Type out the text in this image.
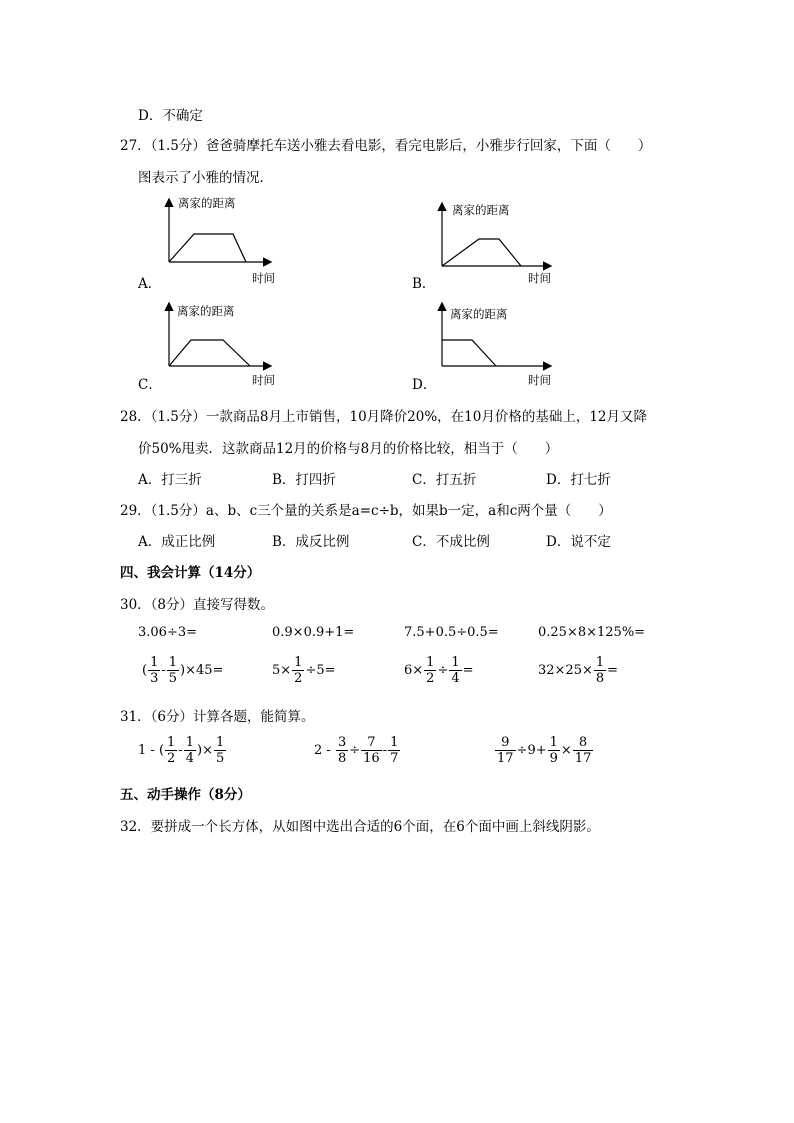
D．不确定
27．（1.5分）爸爸骑摩托车送小雅去看电影，看完电影后，小雅步行回家，下面（　　）
图表示了小雅的情况．
A．
离家的距离
时间	B．
离家的距离
时间
C．
离家的距离
时间	D．
离家的距离
时间
28．（1.5分）一款商品8月上市销售，10月降价20%，在10月价格的基础上，12月又降
价50%甩卖．这款商品12月的价格与8月的价格比较，相当于（　　）
A．打三折	B．打四折	C．打五折	D．打七折
29．（1.5分）a、b、c三个量的关系是a=c÷b，如果b一定，a和c两个量（　　）
A．成正比例	B．成反比例	C．不成比例	D．说不定
四、我会计算（14分）
30．（8分）直接写得数。
3.06÷3=	0.9×0.9+1=	7.5+0.5÷0.5=	0.25×8×125%=
( $\frac{1}{3} - \frac{1}{5} )\times 45=$	$5\times \frac{1}{2} \div 5=$	$6\times \frac{1}{2} \div \frac{1}{4}$ =	$32\times 25\times \frac{1}{8}$ =
31．（6分）计算各题，能简算。
1 - ( $\frac{1}{2} - \frac{1}{4}$ )× $\frac{1}{5}$	$2 - \frac{3}{8} \div \frac{7}{16} - \frac{1}{7}$	$\frac{9}{17} \div 9+ \frac{1}{9} \times \frac{8}{17}$
五、动手操作（8分）
32．要拼成一个长方体，从如图中选出合适的6个面，在6个面中画上斜线阴影。
